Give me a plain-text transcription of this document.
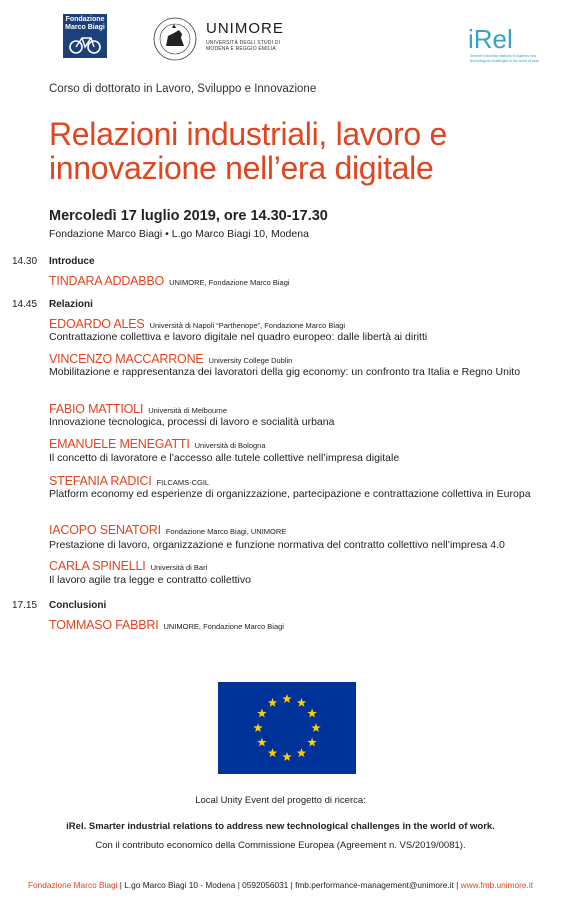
Fondazione
Marco Biagi	UNIMORE
UNIVERSITÀ DEGLI STUDI DI MODENA E REGGIO EMILIA	iRel
Smarter industrial relations to address new technological challenges in the world of work
Corso di dottorato in Lavoro, Sviluppo e Innovazione
Relazioni industriali, lavoro e innovazione nell’era digitale
Mercoledì 17 luglio 2019, ore 14.30-17.30
Fondazione Marco Biagi • L.go Marco Biagi 10, Modena
14.30 Introduce
TINDARA ADDABBO UNIMORE, Fondazione Marco Biagi
14.45 Relazioni
EDOARDO ALES Università di Napoli “Parthenope”, Fondazione Marco Biagi
Contrattazione collettiva e lavoro digitale nel quadro europeo: dalle libertà ai diritti
VINCENZO MACCARRONE University College Dublin
Mobilitazione e rappresentanza dei lavoratori della gig economy: un confronto tra Italia e Regno Unito
FABIO MATTIOLI Università di Melbourne
Innovazione tecnologica, processi di lavoro e socialità urbana
EMANUELE MENEGATTI Università di Bologna
Il concetto di lavoratore e l’accesso alle tutele collettive nell’impresa digitale
STEFANIA RADICI FILCAMS-CGIL
Platform economy ed esperienze di organizzazione, partecipazione e contrattazione collettiva in Europa
IACOPO SENATORI Fondazione Marco Biagi, UNIMORE
Prestazione di lavoro, organizzazione e funzione normativa del contratto collettivo nell’impresa 4.0
CARLA SPINELLI Università di Bari
Il lavoro agile tra legge e contratto collettivo
17.15 Conclusioni
TOMMASO FABBRI UNIMORE, Fondazione Marco Biagi
Local Unity Event del progetto di ricerca:
iRel. Smarter industrial relations to address new technological challenges in the world of work.
Con il contributo economico della Commissione Europea (Agreement n. VS/2019/0081).
Fondazione Marco Biagi | L.go Marco Biagi 10 - Modena | 0592056031 | fmb.performance-management@unimore.it | www.fmb.unimore.it
